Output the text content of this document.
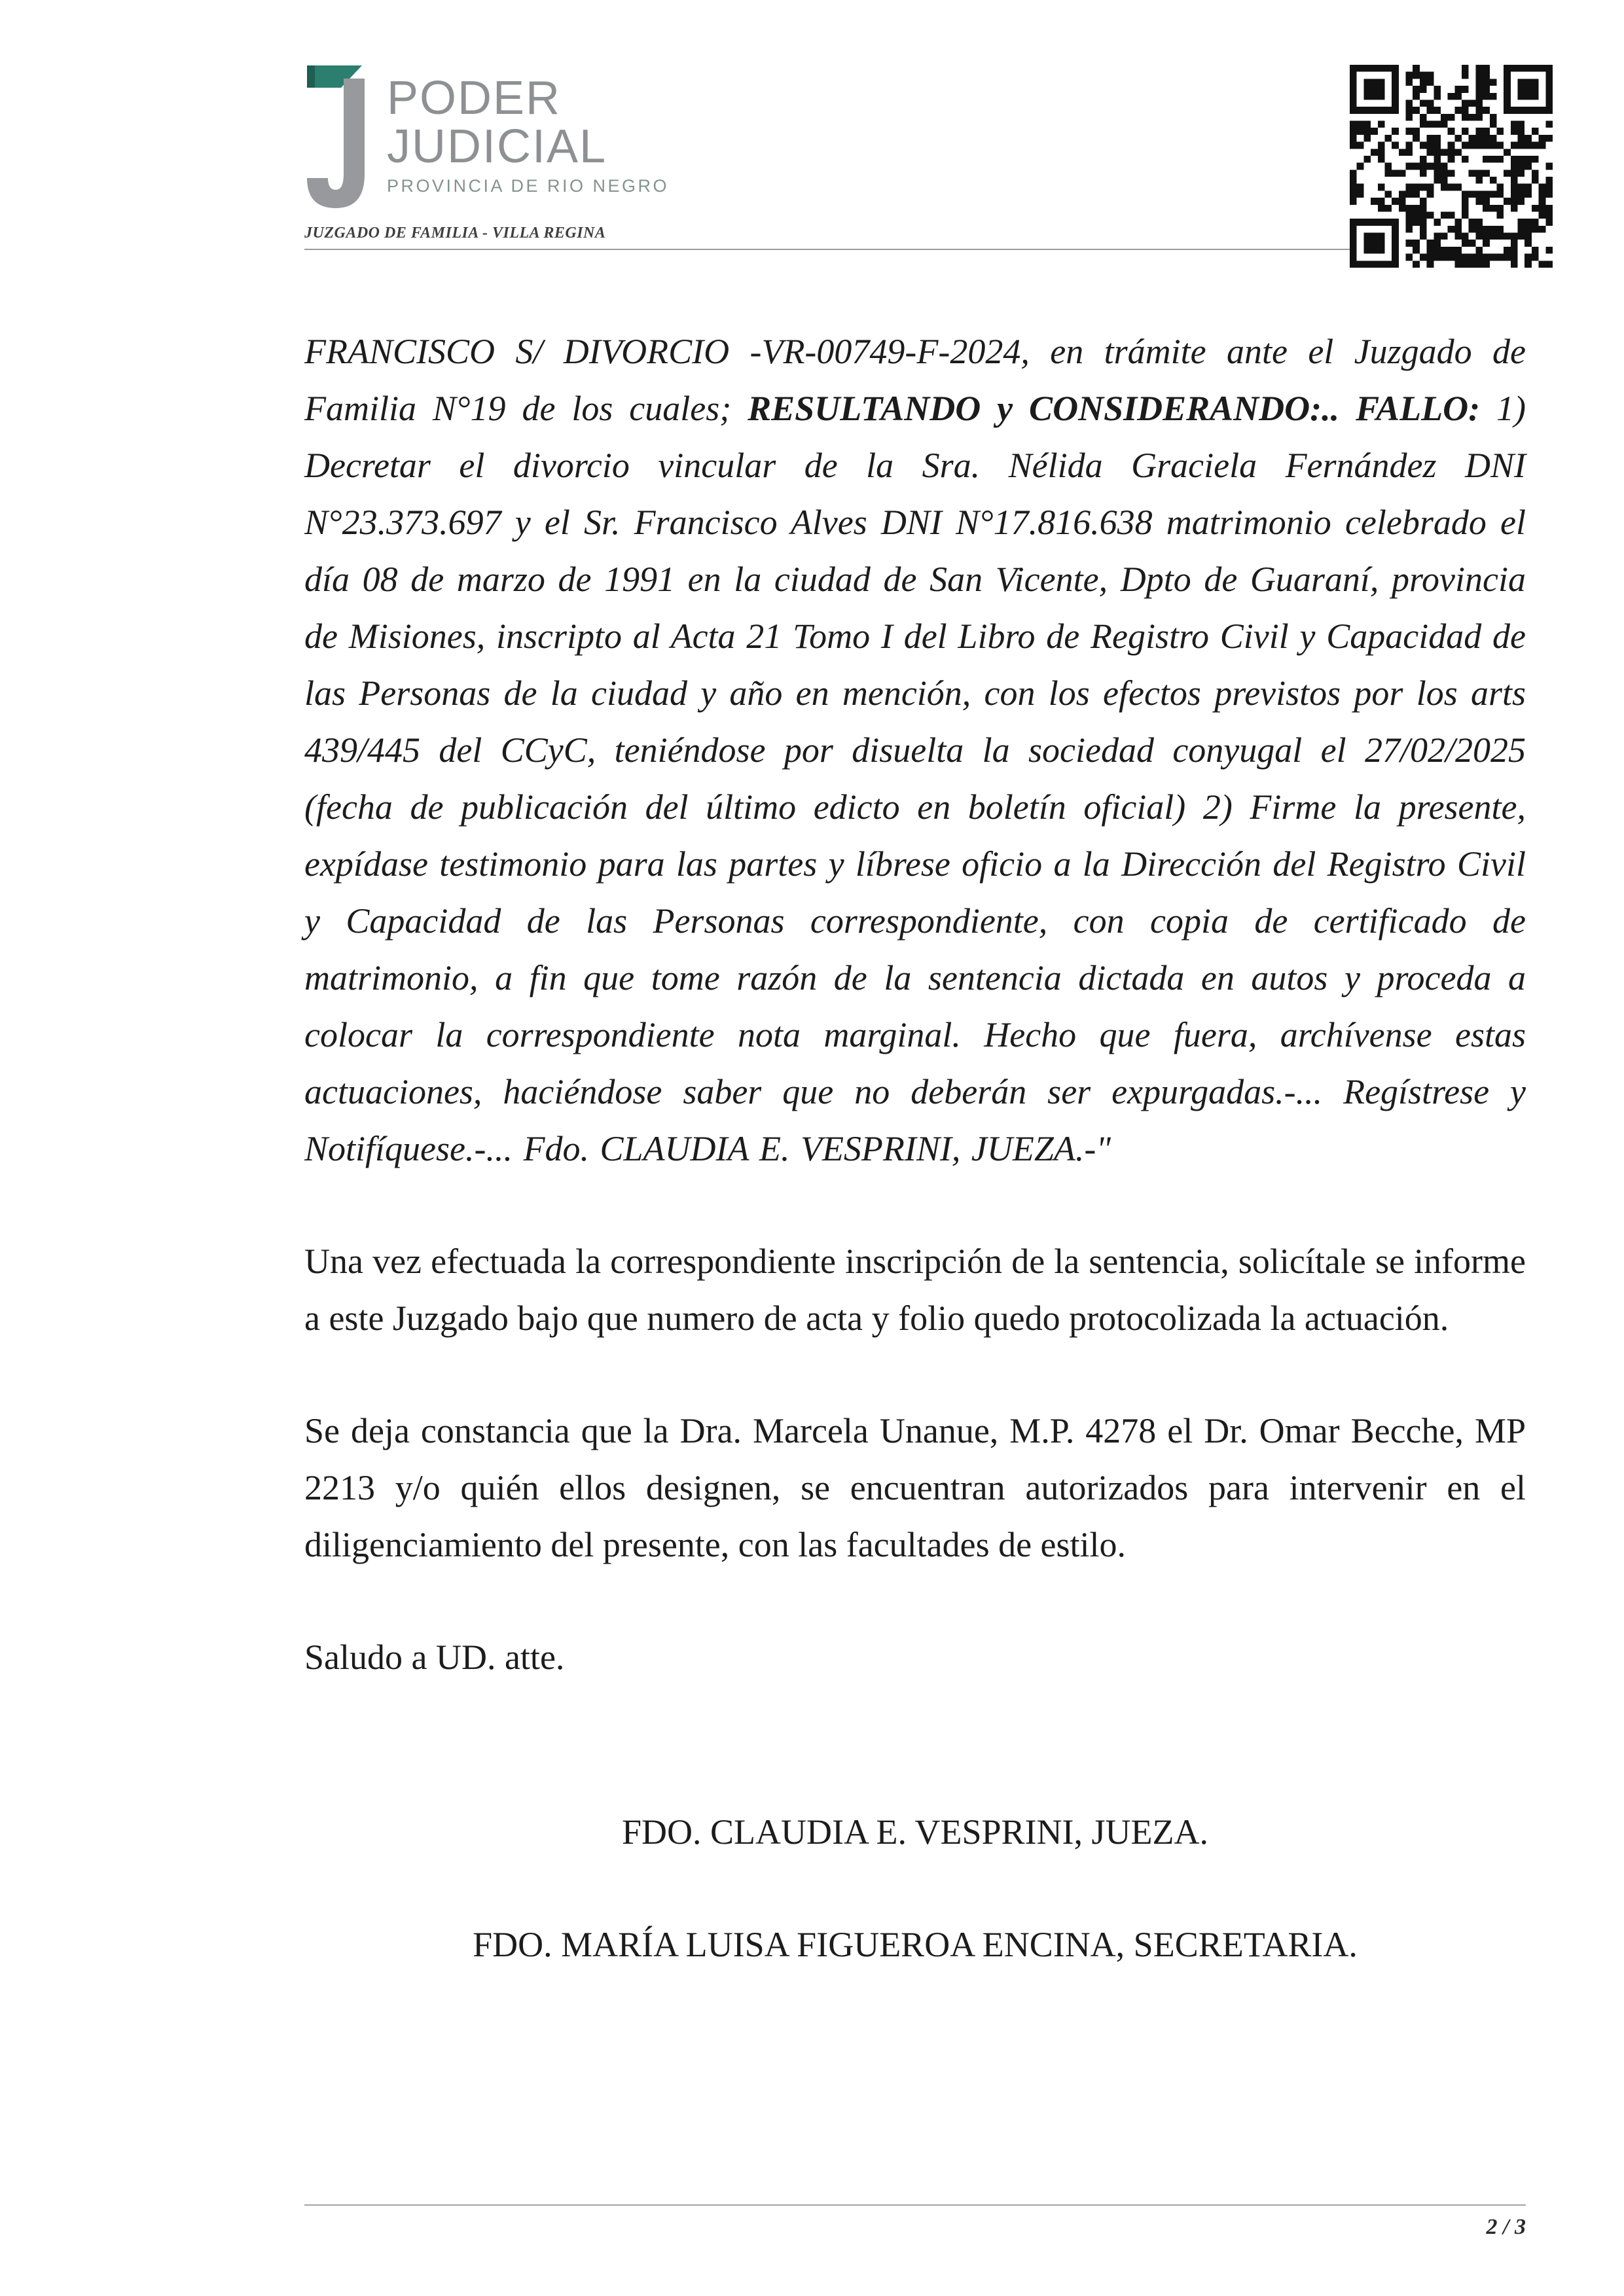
PODER
JUDICIAL
PROVINCIA DE RIO NEGRO
JUZGADO DE FAMILIA - VILLA REGINA

FRANCISCO S/ DIVORCIO -VR-00749-F-2024, en trámite ante el Juzgado de Familia N°19 de los cuales; RESULTANDO y CONSIDERANDO:.. FALLO: 1) Decretar el divorcio vincular de la Sra. Nélida Graciela Fernández DNI N°23.373.697 y el Sr. Francisco Alves DNI N°17.816.638 matrimonio celebrado el día 08 de marzo de 1991 en la ciudad de San Vicente, Dpto de Guaraní, provincia de Misiones, inscripto al Acta 21 Tomo I del Libro de Registro Civil y Capacidad de las Personas de la ciudad y año en mención, con los efectos previstos por los arts 439/445 del CCyC, teniéndose por disuelta la sociedad conyugal el 27/02/2025 (fecha de publicación del último edicto en boletín oficial) 2) Firme la presente, expídase testimonio para las partes y líbrese oficio a la Dirección del Registro Civil y Capacidad de las Personas correspondiente, con copia de certificado de matrimonio, a fin que tome razón de la sentencia dictada en autos y proceda a colocar la correspondiente nota marginal. Hecho que fuera, archívense estas actuaciones, haciéndose saber que no deberán ser expurgadas.-... Regístrese y Notifíquese.-... Fdo. CLAUDIA E. VESPRINI, JUEZA.-"

Una vez efectuada la correspondiente inscripción de la sentencia, solicítale se informe a este Juzgado bajo que numero de acta y folio quedo protocolizada la actuación.

Se deja constancia que la Dra. Marcela Unanue, M.P. 4278 el Dr. Omar Becche, MP 2213 y/o quién ellos designen, se encuentran autorizados para intervenir en el diligenciamiento del presente, con las facultades de estilo.

Saludo a UD. atte.

FDO. CLAUDIA E. VESPRINI, JUEZA.

FDO. MARÍA LUISA FIGUEROA ENCINA, SECRETARIA.

2 / 3
